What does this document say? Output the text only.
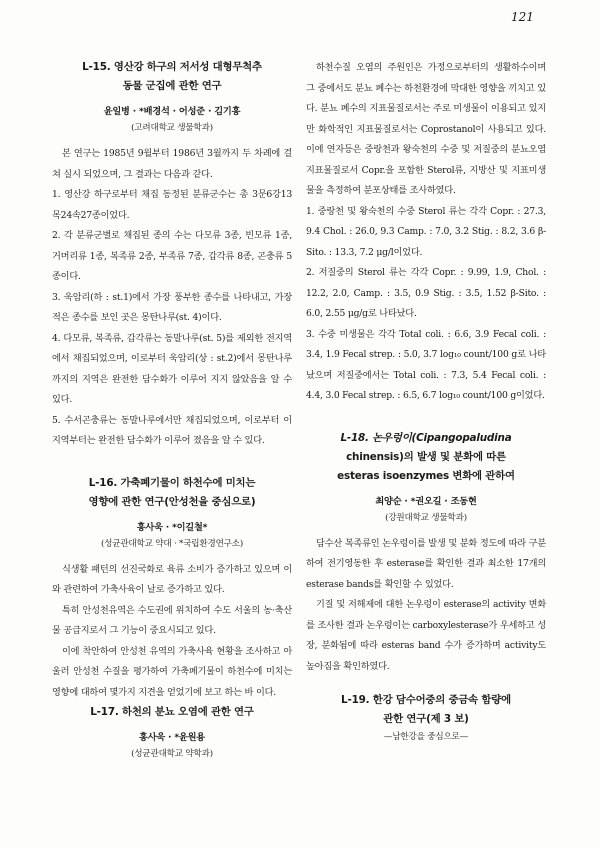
121

L-15. 영산강 하구의 저서성 대형무척추
동물 군집에 관한 연구

윤일병 · *배경석 · 어성준 · 김기홍

(고려대학교 생물학과)

본 연구는 1985년 9월부터 1986년 3월까지 두 차례에 걸쳐 실시 되었으며, 그 결과는 다음과 같다.

1. 영산강 하구로부터 채집 동정된 분류군수는 총 3문6강13목24속27종이었다.

2. 각 분류군별로 채집된 종의 수는 다모류 3종, 빈모류 1종, 거머리류 1종, 복족류 2종, 부족류 7종, 갑각류 8종, 곤충류 5종이다.

3. 욱암리(하 : st.1)에서 가장 풍부한 종수를 나타내고, 가장 적은 종수를 보인 곳은 몽탄나루(st. 4)이다.

4. 다모류, 복족류, 갑각류는 동말나루(st. 5)를 제외한 전지역에서 채집되었으며, 이로부터 욱암리(상 : st.2)에서 몽탄나루까지의 지역은 완전한 담수화가 이루어 지지 않았음을 알 수 있다.

5. 수서곤충류는 동말나루에서만 채집되었으며, 이로부터 이 지역부터는 완전한 담수화가 이루어 졌음을 알 수 있다.

L-16. 가축폐기물이 하천수에 미치는
영향에 관한 연구(안성천을 중심으로)

홍사욱 · *이길철*

(성균관대학교 약대 · *국립환경연구소)

식생활 패턴의 선진국화로 육류 소비가 증가하고 있으며 이와 관련하여 가축사육이 날로 증가하고 있다.

특히 안성천유역은 수도권에 위치하여 수도 서울의 농·축산물 공급지로서 그 기능이 중요시되고 있다.

이에 착안하여 안성천 유역의 가축사육 현황을 조사하고 아울러 안성천 수질을 평가하여 가축폐기물이 하천수에 미치는 영향에 대하여 몇가지 지견을 얻었기에 보고 하는 바 이다.

L-17. 하천의 분뇨 오염에 관한 연구

홍사욱 · *윤원용

(성균관대학교 약학과)

하천수질 오염의 주원인은 가정으로부터의 생활하수이며 그 중에서도 분뇨 폐수는 하천환경에 막대한 영향을 끼치고 있다. 분뇨 폐수의 지표물질로서는 주로 미생물이 이용되고 있지만 화학적인 지표물질로서는 Coprostanol이 사용되고 있다. 이에 연자등은 중랑천과 왕숙천의 수중 및 저질중의 분뇨오염 지표물질로서 Copr.을 포함한 Sterol류, 지방산 및 지표미생물을 측정하여 분포상태를 조사하였다.

1. 중랑천 및 왕숙천의 수중 Sterol 류는 각각 Copr. : 27.3, 9.4 Chol. : 26.0, 9.3 Camp. : 7.0, 3.2 Stig. : 8.2, 3.6 β-Sito. : 13.3, 7.2 μg/l이었다.

2. 저질중의 Sterol 류는 각각 Copr. : 9.99, 1.9, Chol. : 12.2, 2.0, Camp. : 3.5, 0.9 Stig. : 3.5, 1.52 β-Sito. : 6.0, 2.55 μg/g로 나타났다.

3. 수중 미생물은 각각 Total coli. : 6.6, 3.9 Fecal coli. : 3.4, 1.9 Fecal strep. : 5.0, 3.7 log₁₀ count/100 g로 나타났으며 저질중에서는 Total coli. : 7.3, 5.4 Fecal coli. : 4.4, 3.0 Fecal strep. : 6.5, 6.7 log₁₀ count/100 g이었다.

L-18. 논우렁이(Cipangopaludina
chinensis)의 발생 및 분화에 따른
esteras isoenzymes 변화에 관하여

최양순 · *권오길 · 조동현

(강원대학교 생물학과)

담수산 복족류인 논우렁이를 발생 및 분화 정도에 따라 구분하여 전기영동한 후 esterase를 확인한 결과 최소한 17개의 esterase bands를 확인할 수 있었다.

기질 및 저해제에 대한 논우렁이 esterase의 activity 변화를 조사한 결과 논우렁이는 carboxylesterase가 우세하고 성장, 분화됨에 따라 esteras band 수가 증가하며 activity도 높아짐을 확인하였다.

L-19. 한강 담수어중의 중금속 함량에
관한 연구(제 3 보)

—남한강을 중심으로—
